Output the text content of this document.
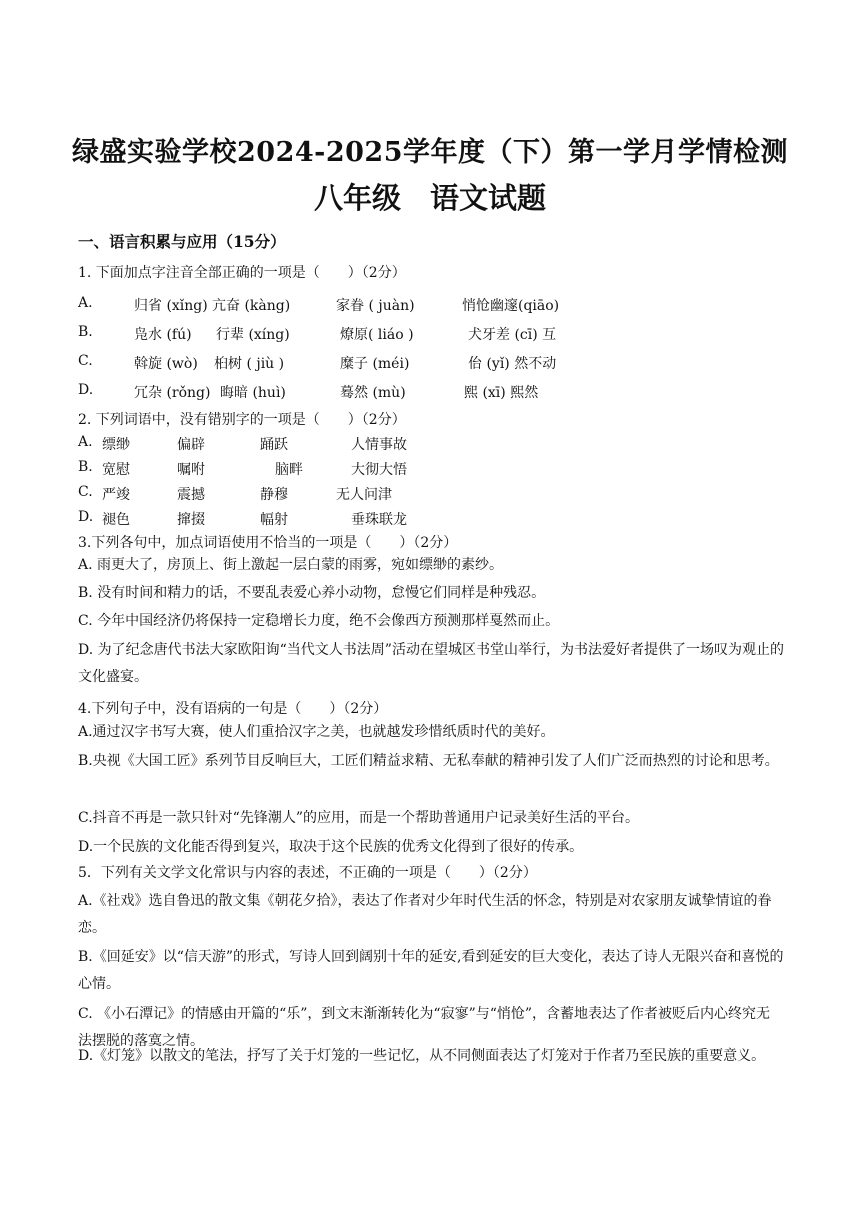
绿盛实验学校2024-2025学年度（下）第一学月学情检测
八年级　语文试题
一、语言积累与应用（15分）
1. 下面加点字注音全部正确的一项是（　　）（2分）
A.	归省 (xǐng) 亢奋 (kàng)	家眷 ( juàn)	悄怆幽邃(qiāo)
B.	凫水 (fú) 行辈 (xíng)	燎原( liáo )	犬牙差 (cī) 互
C.	斡旋 (wò) 桕树 ( jiù )	糜子 (méi)	佁 (yǐ) 然不动
D.	冗杂 (rǒng) 晦暗 (huì)	蓦然 (mù)	熙 (xī) 熙然
2. 下列词语中，没有错别字的一项是（　　）（2分）
A. 缥缈	偏辟	踊跃	人情事故
B. 宽慰	嘱咐	脑畔	大彻大悟
C. 严竣	震撼	静穆	无人问津
D. 褪色	撺掇	幅射	垂珠联龙
3.下列各句中，加点词语使用不恰当的一项是（　　）（2分）
A. 雨更大了，房顶上、街上激起一层白蒙的雨雾，宛如缥缈的素纱。
B. 没有时间和精力的话，不要乱表爱心养小动物，怠慢它们同样是种残忍。
C. 今年中国经济仍将保持一定稳增长力度，绝不会像西方预测那样戛然而止。
D. 为了纪念唐代书法大家欧阳询“当代文人书法周”活动在望城区书堂山举行，为书法爱好者提供了一场叹为观止的文化盛宴。
4.下列句子中，没有语病的一句是（　　）（2分）
A.通过汉字书写大赛，使人们重拾汉字之美，也就越发珍惜纸质时代的美好。
B.央视《大国工匠》系列节目反响巨大，工匠们精益求精、无私奉献的精神引发了人们广泛而热烈的讨论和思考。
C.抖音不再是一款只针对“先锋潮人”的应用，而是一个帮助普通用户记录美好生活的平台。
D.一个民族的文化能否得到复兴，取决于这个民族的优秀文化得到了很好的传承。
5．下列有关文学文化常识与内容的表述，不正确的一项是（　　）（2分）
A.《社戏》选自鲁迅的散文集《朝花夕拾》，表达了作者对少年时代生活的怀念，特别是对农家朋友诚挚情谊的眷恋。
B.《回延安》以“信天游”的形式，写诗人回到阔别十年的延安,看到延安的巨大变化，表达了诗人无限兴奋和喜悦的心情。
C. 《小石潭记》的情感由开篇的“乐”，到文末渐渐转化为“寂寥”与“悄怆”，含蓄地表达了作者被贬后内心终究无法摆脱的落寞之情。
D.《灯笼》以散文的笔法，抒写了关于灯笼的一些记忆，从不同侧面表达了灯笼对于作者乃至民族的重要意义。
